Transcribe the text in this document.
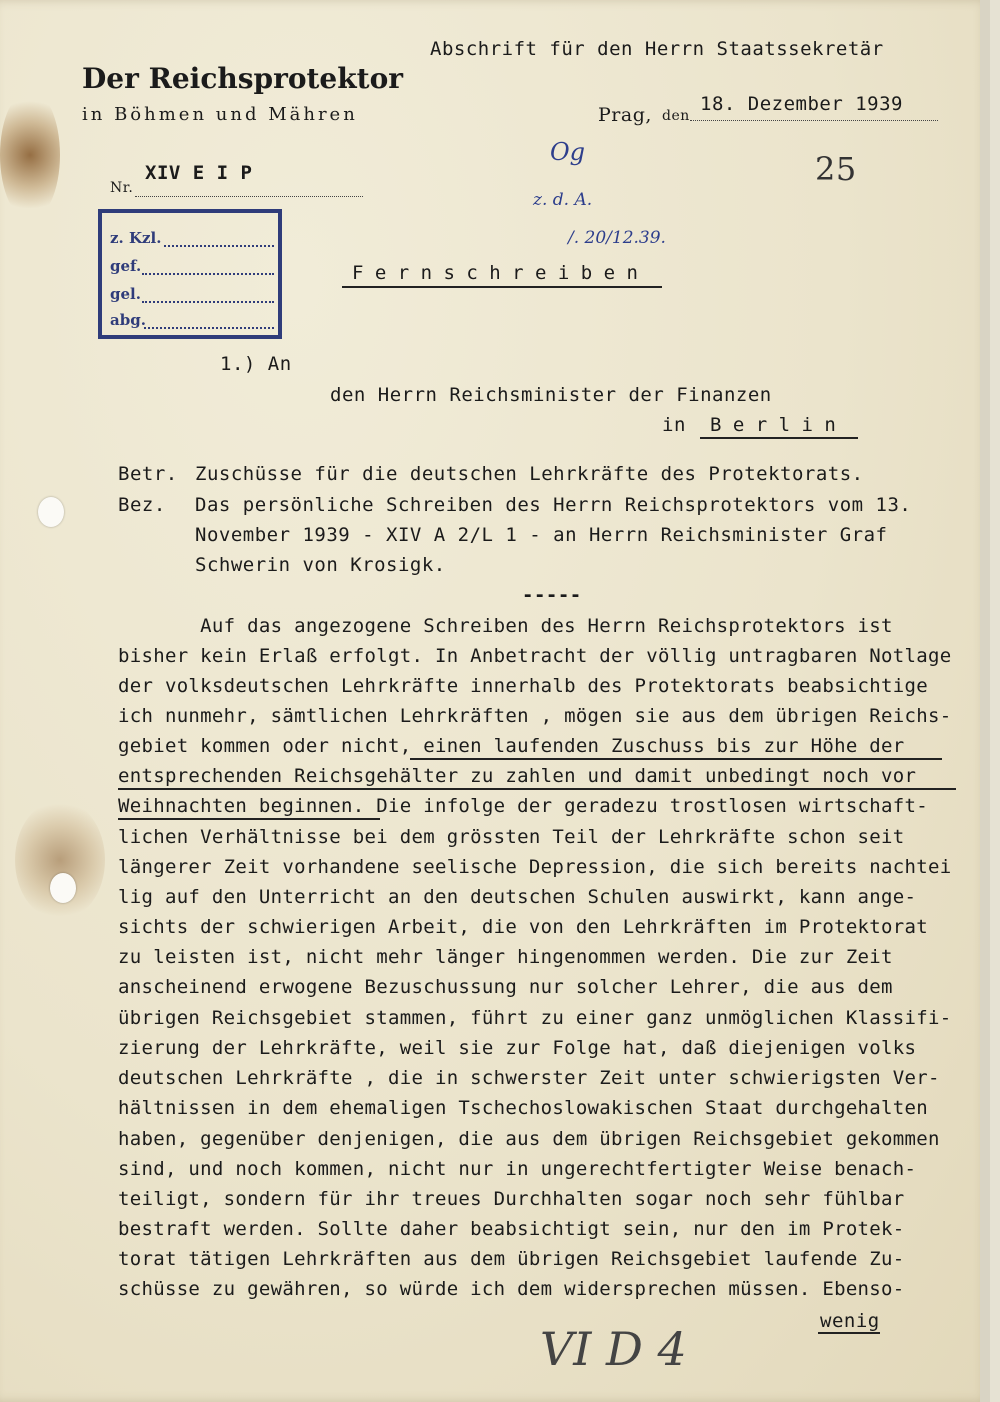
Der Reichsprotektor
in Böhmen und Mähren
Abschrift für den Herrn Staatssekretär
Prag, den
18. Dezember 1939
Nr.
XIV E I P	25
z. Kzl.
gef.
gel.
abg.
Og
z. d. A.
/. 20/12.39.
F e r n s c h r e i b e n
1.) An
den Herrn Reichsminister der Finanzen
in B e r l i n
Betr. Zuschüsse für die deutschen Lehrkräfte des Protektorats.
Bez. Das persönliche Schreiben des Herrn Reichsprotektors vom 13.
November 1939 - XIV A 2/L 1 - an Herrn Reichsminister Graf
Schwerin von Krosigk.
-----
Auf das angezogene Schreiben des Herrn Reichsprotektors ist
bisher kein Erlaß erfolgt. In Anbetracht der völlig untragbaren Notlage
der volksdeutschen Lehrkräfte innerhalb des Protektorats beabsichtige
ich nunmehr, sämtlichen Lehrkräften , mögen sie aus dem übrigen Reichs-
gebiet kommen oder nicht, einen laufenden Zuschuss bis zur Höhe der
entsprechenden Reichsgehälter zu zahlen und damit unbedingt noch vor
Weihnachten beginnen. Die infolge der geradezu trostlosen wirtschaft-
lichen Verhältnisse bei dem grössten Teil der Lehrkräfte schon seit
längerer Zeit vorhandene seelische Depression, die sich bereits nachtei
lig auf den Unterricht an den deutschen Schulen auswirkt, kann ange-
sichts der schwierigen Arbeit, die von den Lehrkräften im Protektorat
zu leisten ist, nicht mehr länger hingenommen werden. Die zur Zeit
anscheinend erwogene Bezuschussung nur solcher Lehrer, die aus dem
übrigen Reichsgebiet stammen, führt zu einer ganz unmöglichen Klassifi-
zierung der Lehrkräfte, weil sie zur Folge hat, daß diejenigen volks
deutschen Lehrkräfte , die in schwerster Zeit unter schwierigsten Ver-
hältnissen in dem ehemaligen Tschechoslowakischen Staat durchgehalten
haben, gegenüber denjenigen, die aus dem übrigen Reichsgebiet gekommen
sind, und noch kommen, nicht nur in ungerechtfertigter Weise benach-
teiligt, sondern für ihr treues Durchhalten sogar noch sehr fühlbar
bestraft werden. Sollte daher beabsichtigt sein, nur den im Protek-
torat tätigen Lehrkräften aus dem übrigen Reichsgebiet laufende Zu-
schüsse zu gewähren, so würde ich dem widersprechen müssen. Ebenso-
wenig
VI D 4
